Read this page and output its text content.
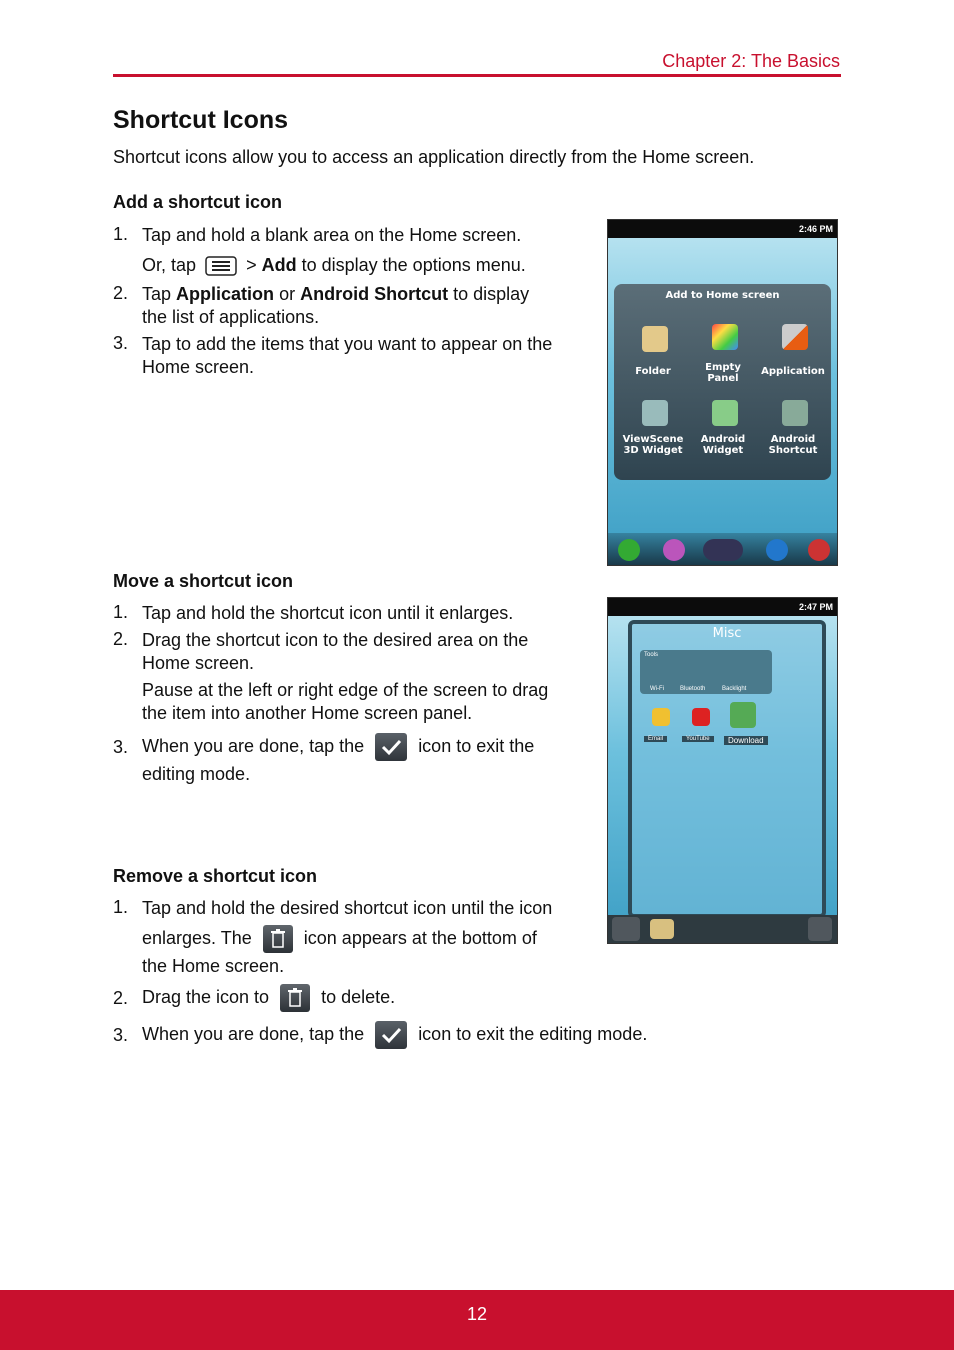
Chapter 2: The Basics
Shortcut Icons
Shortcut icons allow you to access an application directly from the Home screen.
Add a shortcut icon
1. Tap and hold a blank area on the Home screen.
Or, tap	> Add to display the options menu.
2. Tap Application or Android Shortcut to display
the list of applications.
3. Tap to add the items that you want to appear on the
Home screen.
2:46 PM
Add to Home screen
Folder	Empty Panel
Application
ViewScene 3D Widget
Android Widget
Android Shortcut
Move a shortcut icon
1. Tap and hold the shortcut icon until it enlarges.
2. Drag the shortcut icon to the desired area on the
Home screen.
Pause at the left or right edge of the screen to drag
the item into another Home screen panel.
3. When you are done, tap the	icon to exit the
editing mode.
2:47 PM
Misc
Tools
Wi-Fi	Bluetooth	Backlight
Email	YouTube	Download
Remove a shortcut icon
1. Tap and hold the desired shortcut icon until the icon
enlarges. The	icon appears at the bottom of
the Home screen.
2. Drag the icon to	to delete.
3. When you are done, tap the	icon to exit the editing mode.
12
